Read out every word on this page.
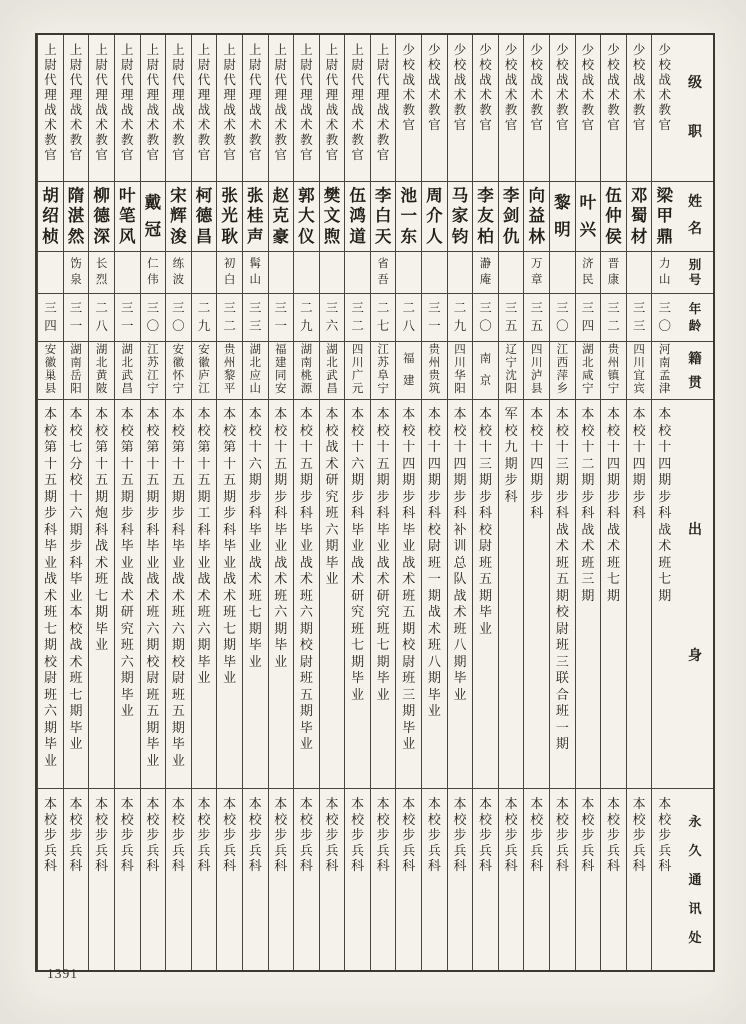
级
职
姓
名
别
号
年
龄
籍
贯
出
身
永
久
通
讯
处
少
校
战
术
教
官
梁
甲
鼎
力
山
三
〇
河
南
孟
津
本
校
十
四
期
步
科
战
术
班
七
期
本
校
步
兵
科
少
校
战
术
教
官
邓
蜀
材
三
三
四
川
宜
宾
本
校
十
四
期
步
科
本
校
步
兵
科
少
校
战
术
教
官
伍
仲
侯
晋
康
三
二
贵
州
镇
宁
本
校
十
四
期
步
科
战
术
班
七
期
本
校
步
兵
科
少
校
战
术
教
官
叶
兴
济
民
三
四
湖
北
咸
宁
本
校
十
二
期
步
科
战
术
班
三
期
本
校
步
兵
科
少
校
战
术
教
官
黎
明
三
〇
江
西
萍
乡
本
校
十
三
期
步
科
战
术
班
五
期
校
尉
班
三
联
合
班
一
期
本
校
步
兵
科
少
校
战
术
教
官
向
益
林
万
章
三
五
四
川
泸
县
本
校
十
四
期
步
科
本
校
步
兵
科
少
校
战
术
教
官
李
剑
仇
三
五
辽
宁
沈
阳
军
校
九
期
步
科
本
校
步
兵
科
少
校
战
术
教
官
李
友
柏
瀞
庵
三
〇
南
京
本
校
十
三
期
步
科
校
尉
班
五
期
毕
业
本
校
步
兵
科
少
校
战
术
教
官
马
家
钧
二
九
四
川
华
阳
本
校
十
四
期
步
科
补
训
总
队
战
术
班
八
期
毕
业
本
校
步
兵
科
少
校
战
术
教
官
周
介
人
三
一
贵
州
贵
筑
本
校
十
四
期
步
科
校
尉
班
一
期
战
术
班
八
期
毕
业
本
校
步
兵
科
少
校
战
术
教
官
池
一
东
二
八
福
建
本
校
十
四
期
步
科
毕
业
战
术
班
五
期
校
尉
班
三
期
毕
业
本
校
步
兵
科
上
尉
代
理
战
术
教
官
李
白
天
省
吾
二
七
江
苏
阜
宁
本
校
十
五
期
步
科
毕
业
战
术
研
究
班
七
期
毕
业
本
校
步
兵
科
上
尉
代
理
战
术
教
官
伍
鸿
道
三
二
四
川
广
元
本
校
十
六
期
步
科
毕
业
战
术
研
究
班
七
期
毕
业
本
校
步
兵
科
上
尉
代
理
战
术
教
官
樊
文
煦
三
六
湖
北
武
昌
本
校
战
术
研
究
班
六
期
毕
业
本
校
步
兵
科
上
尉
代
理
战
术
教
官
郭
大
仪
二
九
湖
南
桃
源
本
校
十
五
期
步
科
毕
业
战
术
班
六
期
校
尉
班
五
期
毕
业
本
校
步
兵
科
上
尉
代
理
战
术
教
官
赵
克
豪
三
一
福
建
同
安
本
校
十
五
期
步
科
毕
业
战
术
班
六
期
毕
业
本
校
步
兵
科
上
尉
代
理
战
术
教
官
张
桂
声
髯
山
三
三
湖
北
应
山
本
校
十
六
期
步
科
毕
业
战
术
班
七
期
毕
业
本
校
步
兵
科
上
尉
代
理
战
术
教
官
张
光
耿
初
白
三
二
贵
州
黎
平
本
校
第
十
五
期
步
科
毕
业
战
术
班
七
期
毕
业
本
校
步
兵
科
上
尉
代
理
战
术
教
官
柯
德
昌
二
九
安
徽
庐
江
本
校
第
十
五
期
工
科
毕
业
战
术
班
六
期
毕
业
本
校
步
兵
科
上
尉
代
理
战
术
教
官
宋
辉
浚
练
波
三
〇
安
徽
怀
宁
本
校
第
十
五
期
步
科
毕
业
战
术
班
六
期
校
尉
班
五
期
毕
业
本
校
步
兵
科
上
尉
代
理
战
术
教
官
戴
冠
仁
伟
三
〇
江
苏
江
宁
本
校
第
十
五
期
步
科
毕
业
战
术
班
六
期
校
尉
班
五
期
毕
业
本
校
步
兵
科
上
尉
代
理
战
术
教
官
叶
笔
风
三
一
湖
北
武
昌
本
校
第
十
五
期
步
科
毕
业
战
术
研
究
班
六
期
毕
业
本
校
步
兵
科
上
尉
代
理
战
术
教
官
柳
德
深
长
烈
二
八
湖
北
黄
陂
本
校
第
十
五
期
炮
科
战
术
班
七
期
毕
业
本
校
步
兵
科
上
尉
代
理
战
术
教
官
隋
湛
然
饬
泉
三
一
湖
南
岳
阳
本
校
七
分
校
十
六
期
步
科
毕
业
本
校
战
术
班
七
期
毕
业
本
校
步
兵
科
上
尉
代
理
战
术
教
官
胡
绍
桢
三
四
安
徽
巢
县
本
校
第
十
五
期
步
科
毕
业
战
术
班
七
期
校
尉
班
六
期
毕
业
本
校
步
兵
科
1391
